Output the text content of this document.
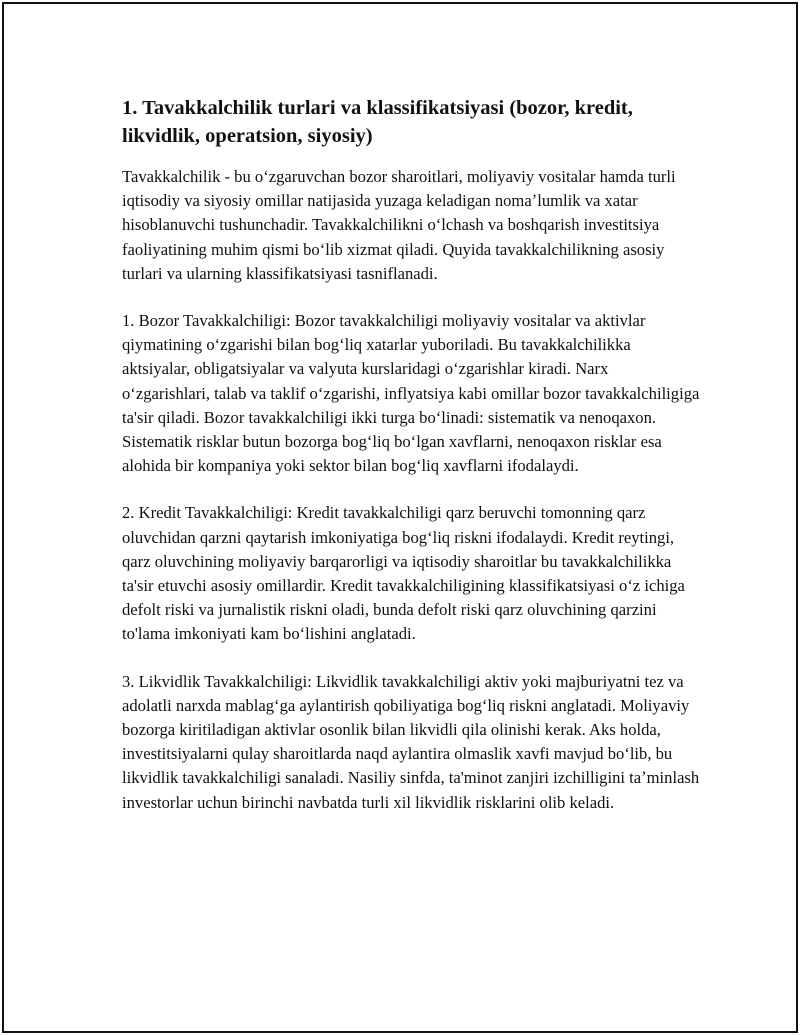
1. Tavakkalchilik turlari va klassifikatsiyasi (bozor, kredit, likvidlik, operatsion, siyosiy)

Tavakkalchilik - bu oʻzgaruvchan bozor sharoitlari, moliyaviy vositalar hamda turli iqtisodiy va siyosiy omillar natijasida yuzaga keladigan nomaʼlumlik va xatar hisoblanuvchi tushunchadir. Tavakkalchilikni oʻlchash va boshqarish investitsiya faoliyatining muhim qismi boʻlib xizmat qiladi. Quyida tavakkalchilikning asosiy turlari va ularning klassifikatsiyasi tasniflanadi.

1. Bozor Tavakkalchiligi: Bozor tavakkalchiligi moliyaviy vositalar va aktivlar qiymatining oʻzgarishi bilan bogʻliq xatarlar yuboriladi. Bu tavakkalchilikka aktsiyalar, obligatsiyalar va valyuta kurslaridagi oʻzgarishlar kiradi. Narx oʻzgarishlari, talab va taklif oʻzgarishi, inflyatsiya kabi omillar bozor tavakkalchiligiga ta'sir qiladi. Bozor tavakkalchiligi ikki turga boʻlinadi: sistematik va nenoqaxon. Sistematik risklar butun bozorga bogʻliq boʻlgan xavflarni, nenoqaxon risklar esa alohida bir kompaniya yoki sektor bilan bogʻliq xavflarni ifodalaydi.

2. Kredit Tavakkalchiligi: Kredit tavakkalchiligi qarz beruvchi tomonning qarz oluvchidan qarzni qaytarish imkoniyatiga bogʻliq riskni ifodalaydi. Kredit reytingi, qarz oluvchining moliyaviy barqarorligi va iqtisodiy sharoitlar bu tavakkalchilikka ta'sir etuvchi asosiy omillardir. Kredit tavakkalchiligining klassifikatsiyasi oʻz ichiga defolt riski va jurnalistik riskni oladi, bunda defolt riski qarz oluvchining qarzini to'lama imkoniyati kam boʻlishini anglatadi.

3. Likvidlik Tavakkalchiligi: Likvidlik tavakkalchiligi aktiv yoki majburiyatni tez va adolatli narxda mablagʻga aylantirish qobiliyatiga bogʻliq riskni anglatadi. Moliyaviy bozorga kiritiladigan aktivlar osonlik bilan likvidli qila olinishi kerak. Aks holda, investitsiyalarni qulay sharoitlarda naqd aylantira olmaslik xavfi mavjud boʻlib, bu likvidlik tavakkalchiligi sanaladi. Nasiliy sinfda, ta'minot zanjiri izchilligini taʼminlash investorlar uchun birinchi navbatda turli xil likvidlik risklarini olib keladi.
